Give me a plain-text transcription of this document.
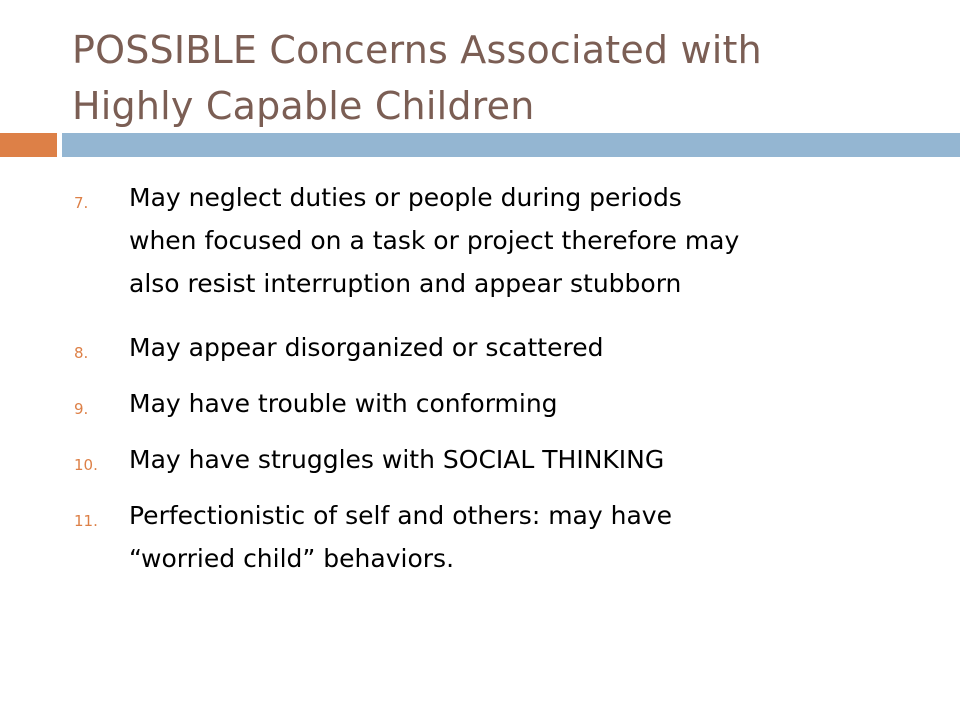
POSSIBLE Concerns Associated with
Highly Capable Children
7. May neglect duties or people during periods
when focused on a task or project therefore may
also resist interruption and appear stubborn
8. May appear disorganized or scattered
9. May have trouble with conforming
10. May have struggles with SOCIAL THINKING
11. Perfectionistic of self and others: may have
“worried child” behaviors.
